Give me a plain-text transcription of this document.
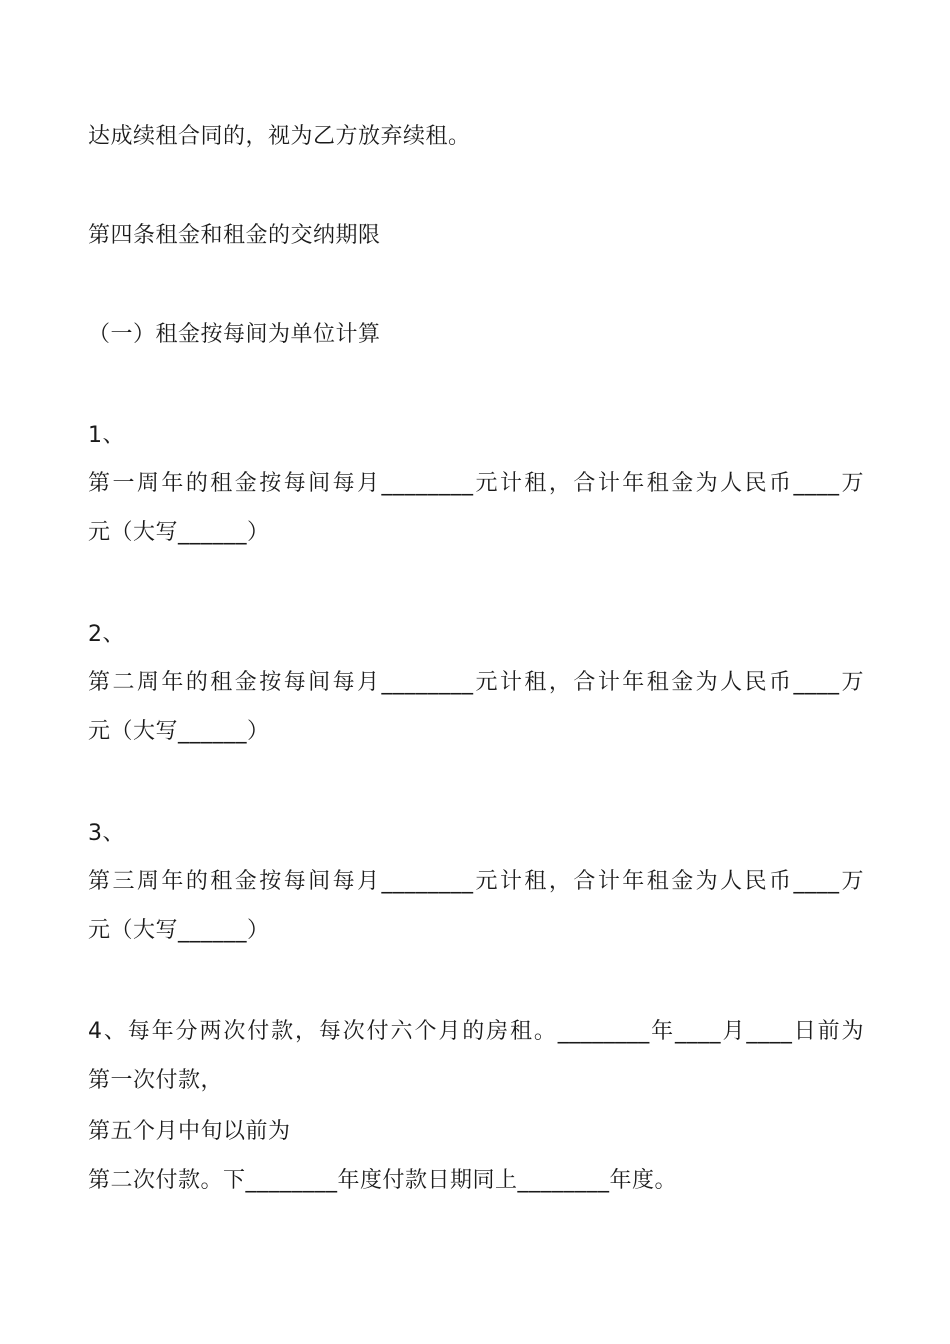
达成续租合同的，视为乙方放弃续租。
第四条租金和租金的交纳期限
（一）租金按每间为单位计算
1、
第一周年的租金按每间每月________元计租，合计年租金为人民币____万
元（大写______）
2、
第二周年的租金按每间每月________元计租，合计年租金为人民币____万
元（大写______）
3、
第三周年的租金按每间每月________元计租，合计年租金为人民币____万
元（大写______）
4、每年分两次付款，每次付六个月的房租。________年____月____日前为
第一次付款，
第五个月中旬以前为
第二次付款。下________年度付款日期同上________年度。
